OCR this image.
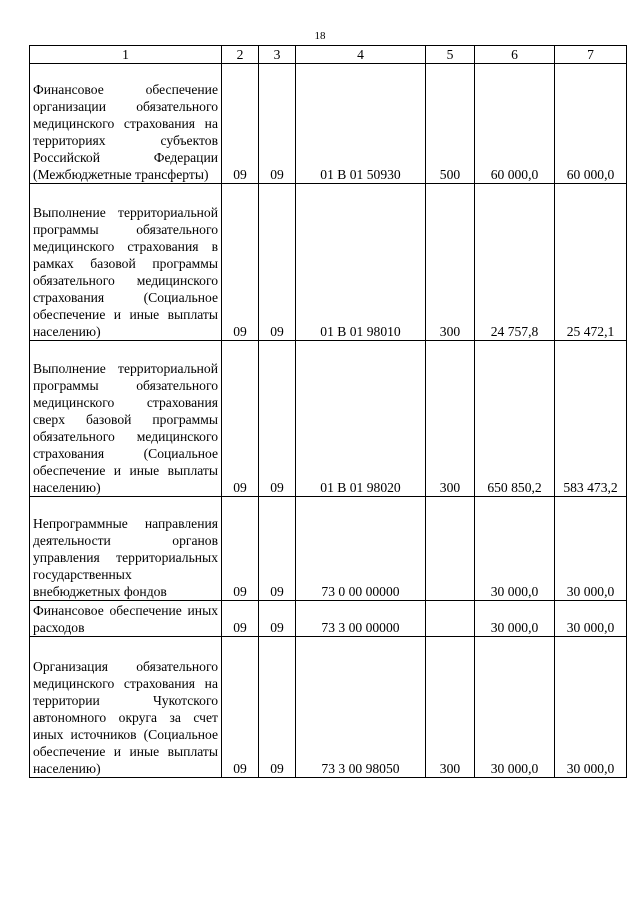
18
1	2	3	4	5	6	7
Финансовое обеспечение организации обязательного медицинского страхования на территориях субъектов Российской Федерации (Межбюджетные трансферты)	09	09	01 В 01 50930	500	60 000,0	60 000,0
Выполнение территориальной программы обязательного медицинского страхования в рамках базовой программы обязательного медицинского страхования (Социальное обеспечение и иные выплаты населению)	09	09	01 В 01 98010	300	24 757,8	25 472,1
Выполнение территориальной программы обязательного медицинского страхования сверх базовой программы обязательного медицинского страхования (Социальное обеспечение и иные выплаты населению)	09	09	01 В 01 98020	300	650 850,2	583 473,2
Непрограммные направления деятельности органов управления территориальных государственных внебюджетных фондов	09	09	73 0 00 00000		30 000,0	30 000,0
Финансовое обеспечение иных расходов	09	09	73 3 00 00000		30 000,0	30 000,0
Организация обязательного медицинского страхования на территории Чукотского автономного округа за счет иных источников (Социальное обеспечение и иные выплаты населению)	09	09	73 3 00 98050	300	30 000,0	30 000,0
